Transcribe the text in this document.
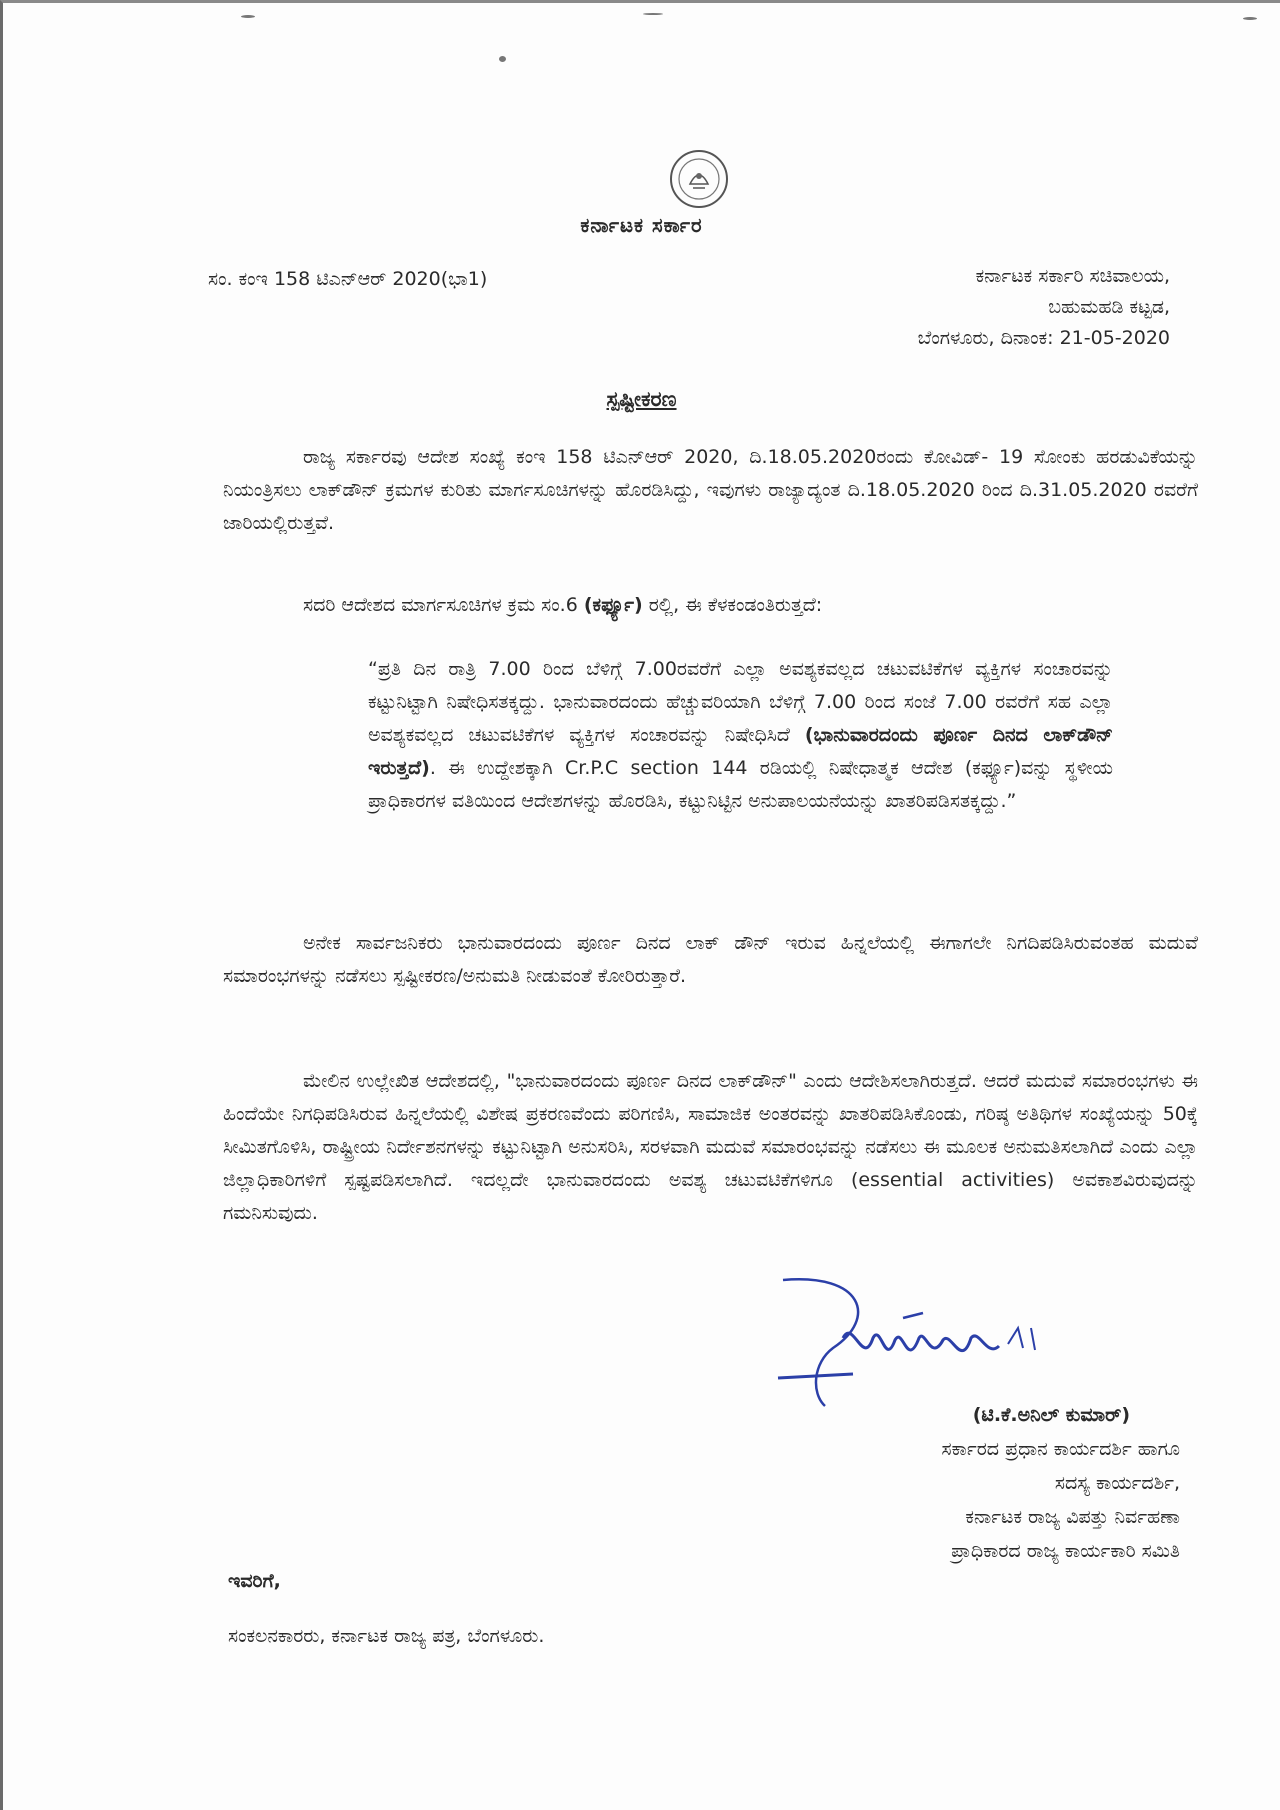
ಕರ್ನಾಟಕ ಸರ್ಕಾರ
ಸಂ. ಕಂಇ 158 ಟಿಎನ್‌ಆರ್ 2020(ಭಾ1)	ಕರ್ನಾಟಕ ಸರ್ಕಾರಿ ಸಚಿವಾಲಯ,
ಬಹುಮಹಡಿ ಕಟ್ಟಡ,
ಬೆಂಗಳೂರು, ದಿನಾಂಕ: 21-05-2020
ಸ್ಪಷ್ಟೀಕರಣ
ರಾಜ್ಯ ಸರ್ಕಾರವು ಆದೇಶ ಸಂಖ್ಯೆ ಕಂಇ 158 ಟಿಎನ್‌ಆರ್ 2020, ದಿ.18.05.2020ರಂದು ಕೋವಿಡ್- 19 ಸೋಂಕು ಹರಡುವಿಕೆಯನ್ನು ನಿಯಂತ್ರಿಸಲು ಲಾಕ್‌ಡೌನ್ ಕ್ರಮಗಳ ಕುರಿತು ಮಾರ್ಗಸೂಚಿಗಳನ್ನು ಹೊರಡಿಸಿದ್ದು, ಇವುಗಳು ರಾಜ್ಯಾದ್ಯಂತ ದಿ.18.05.2020 ರಿಂದ ದಿ.31.05.2020 ರವರೆಗೆ ಜಾರಿಯಲ್ಲಿರುತ್ತವೆ.
ಸದರಿ ಆದೇಶದ ಮಾರ್ಗಸೂಚಿಗಳ ಕ್ರಮ ಸಂ.6 (ಕರ್ಫ್ಯೂ) ರಲ್ಲಿ, ಈ ಕೆಳಕಂಡಂತಿರುತ್ತದೆ:
“ಪ್ರತಿ ದಿನ ರಾತ್ರಿ 7.00 ರಿಂದ ಬೆಳಿಗ್ಗೆ 7.00ರವರೆಗೆ ಎಲ್ಲಾ ಅವಶ್ಯಕವಲ್ಲದ ಚಟುವಟಿಕೆಗಳ ವ್ಯಕ್ತಿಗಳ ಸಂಚಾರವನ್ನು ಕಟ್ಟುನಿಟ್ಟಾಗಿ ನಿಷೇಧಿಸತಕ್ಕದ್ದು. ಭಾನುವಾರದಂದು ಹೆಚ್ಚುವರಿಯಾಗಿ ಬೆಳಿಗ್ಗೆ 7.00 ರಿಂದ ಸಂಜೆ 7.00 ರವರೆಗೆ ಸಹ ಎಲ್ಲಾ ಅವಶ್ಯಕವಲ್ಲದ ಚಟುವಟಿಕೆಗಳ ವ್ಯಕ್ತಿಗಳ ಸಂಚಾರವನ್ನು ನಿಷೇಧಿಸಿದೆ (ಭಾನುವಾರದಂದು ಪೂರ್ಣ ದಿನದ ಲಾಕ್‌ಡೌನ್ ಇರುತ್ತದೆ). ಈ ಉದ್ದೇಶಕ್ಕಾಗಿ Cr.P.C section 144 ರಡಿಯಲ್ಲಿ ನಿಷೇಧಾತ್ಮಕ ಆದೇಶ (ಕರ್ಫ್ಯೂ)ವನ್ನು ಸ್ಥಳೀಯ ಪ್ರಾಧಿಕಾರಗಳ ವತಿಯಿಂದ ಆದೇಶಗಳನ್ನು ಹೊರಡಿಸಿ, ಕಟ್ಟುನಿಟ್ಟಿನ ಅನುಪಾಲಯನೆಯನ್ನು ಖಾತರಿಪಡಿಸತಕ್ಕದ್ದು.”
ಅನೇಕ ಸಾರ್ವಜನಿಕರು ಭಾನುವಾರದಂದು ಪೂರ್ಣ ದಿನದ ಲಾಕ್ ಡೌನ್ ಇರುವ ಹಿನ್ನಲೆಯಲ್ಲಿ ಈಗಾಗಲೇ ನಿಗದಿಪಡಿಸಿರುವಂತಹ ಮದುವೆ ಸಮಾರಂಭಗಳನ್ನು ನಡೆಸಲು ಸ್ಪಷ್ಟೀಕರಣ/ಅನುಮತಿ ನೀಡುವಂತೆ ಕೋರಿರುತ್ತಾರೆ.
ಮೇಲಿನ ಉಲ್ಲೇಖಿತ ಆದೇಶದಲ್ಲಿ, "ಭಾನುವಾರದಂದು ಪೂರ್ಣ ದಿನದ ಲಾಕ್‌ಡೌನ್" ಎಂದು ಆದೇಶಿಸಲಾಗಿರುತ್ತದೆ. ಆದರೆ ಮದುವೆ ಸಮಾರಂಭಗಳು ಈ ಹಿಂದೆಯೇ ನಿಗಧಿಪಡಿಸಿರುವ ಹಿನ್ನಲೆಯಲ್ಲಿ ವಿಶೇಷ ಪ್ರಕರಣವೆಂದು ಪರಿಗಣಿಸಿ, ಸಾಮಾಜಿಕ ಅಂತರವನ್ನು ಖಾತರಿಪಡಿಸಿಕೊಂಡು, ಗರಿಷ್ಠ ಅತಿಥಿಗಳ ಸಂಖ್ಯೆಯನ್ನು 50ಕ್ಕೆ ಸೀಮಿತಗೊಳಿಸಿ, ರಾಷ್ಟ್ರೀಯ ನಿರ್ದೇಶನಗಳನ್ನು ಕಟ್ಟುನಿಟ್ಟಾಗಿ ಅನುಸರಿಸಿ, ಸರಳವಾಗಿ ಮದುವೆ ಸಮಾರಂಭವನ್ನು ನಡೆಸಲು ಈ ಮೂಲಕ ಅನುಮತಿಸಲಾಗಿದೆ ಎಂದು ಎಲ್ಲಾ ಜಿಲ್ಲಾಧಿಕಾರಿಗಳಿಗೆ ಸ್ಪಷ್ಟಪಡಿಸಲಾಗಿದೆ. ಇದಲ್ಲದೇ ಭಾನುವಾರದಂದು ಅವಶ್ಯ ಚಟುವಟಿಕೆಗಳಿಗೂ (essential activities) ಅವಕಾಶವಿರುವುದನ್ನು ಗಮನಿಸುವುದು.
(ಟಿ.ಕೆ.ಅನಿಲ್ ಕುಮಾರ್)
ಸರ್ಕಾರದ ಪ್ರಧಾನ ಕಾರ್ಯದರ್ಶಿ ಹಾಗೂ
ಸದಸ್ಯ ಕಾರ್ಯದರ್ಶಿ,
ಕರ್ನಾಟಕ ರಾಜ್ಯ ವಿಪತ್ತು ನಿರ್ವಹಣಾ
ಪ್ರಾಧಿಕಾರದ ರಾಜ್ಯ ಕಾರ್ಯಕಾರಿ ಸಮಿತಿ
ಇವರಿಗೆ,
ಸಂಕಲನಕಾರರು, ಕರ್ನಾಟಕ ರಾಜ್ಯ ಪತ್ರ, ಬೆಂಗಳೂರು.
